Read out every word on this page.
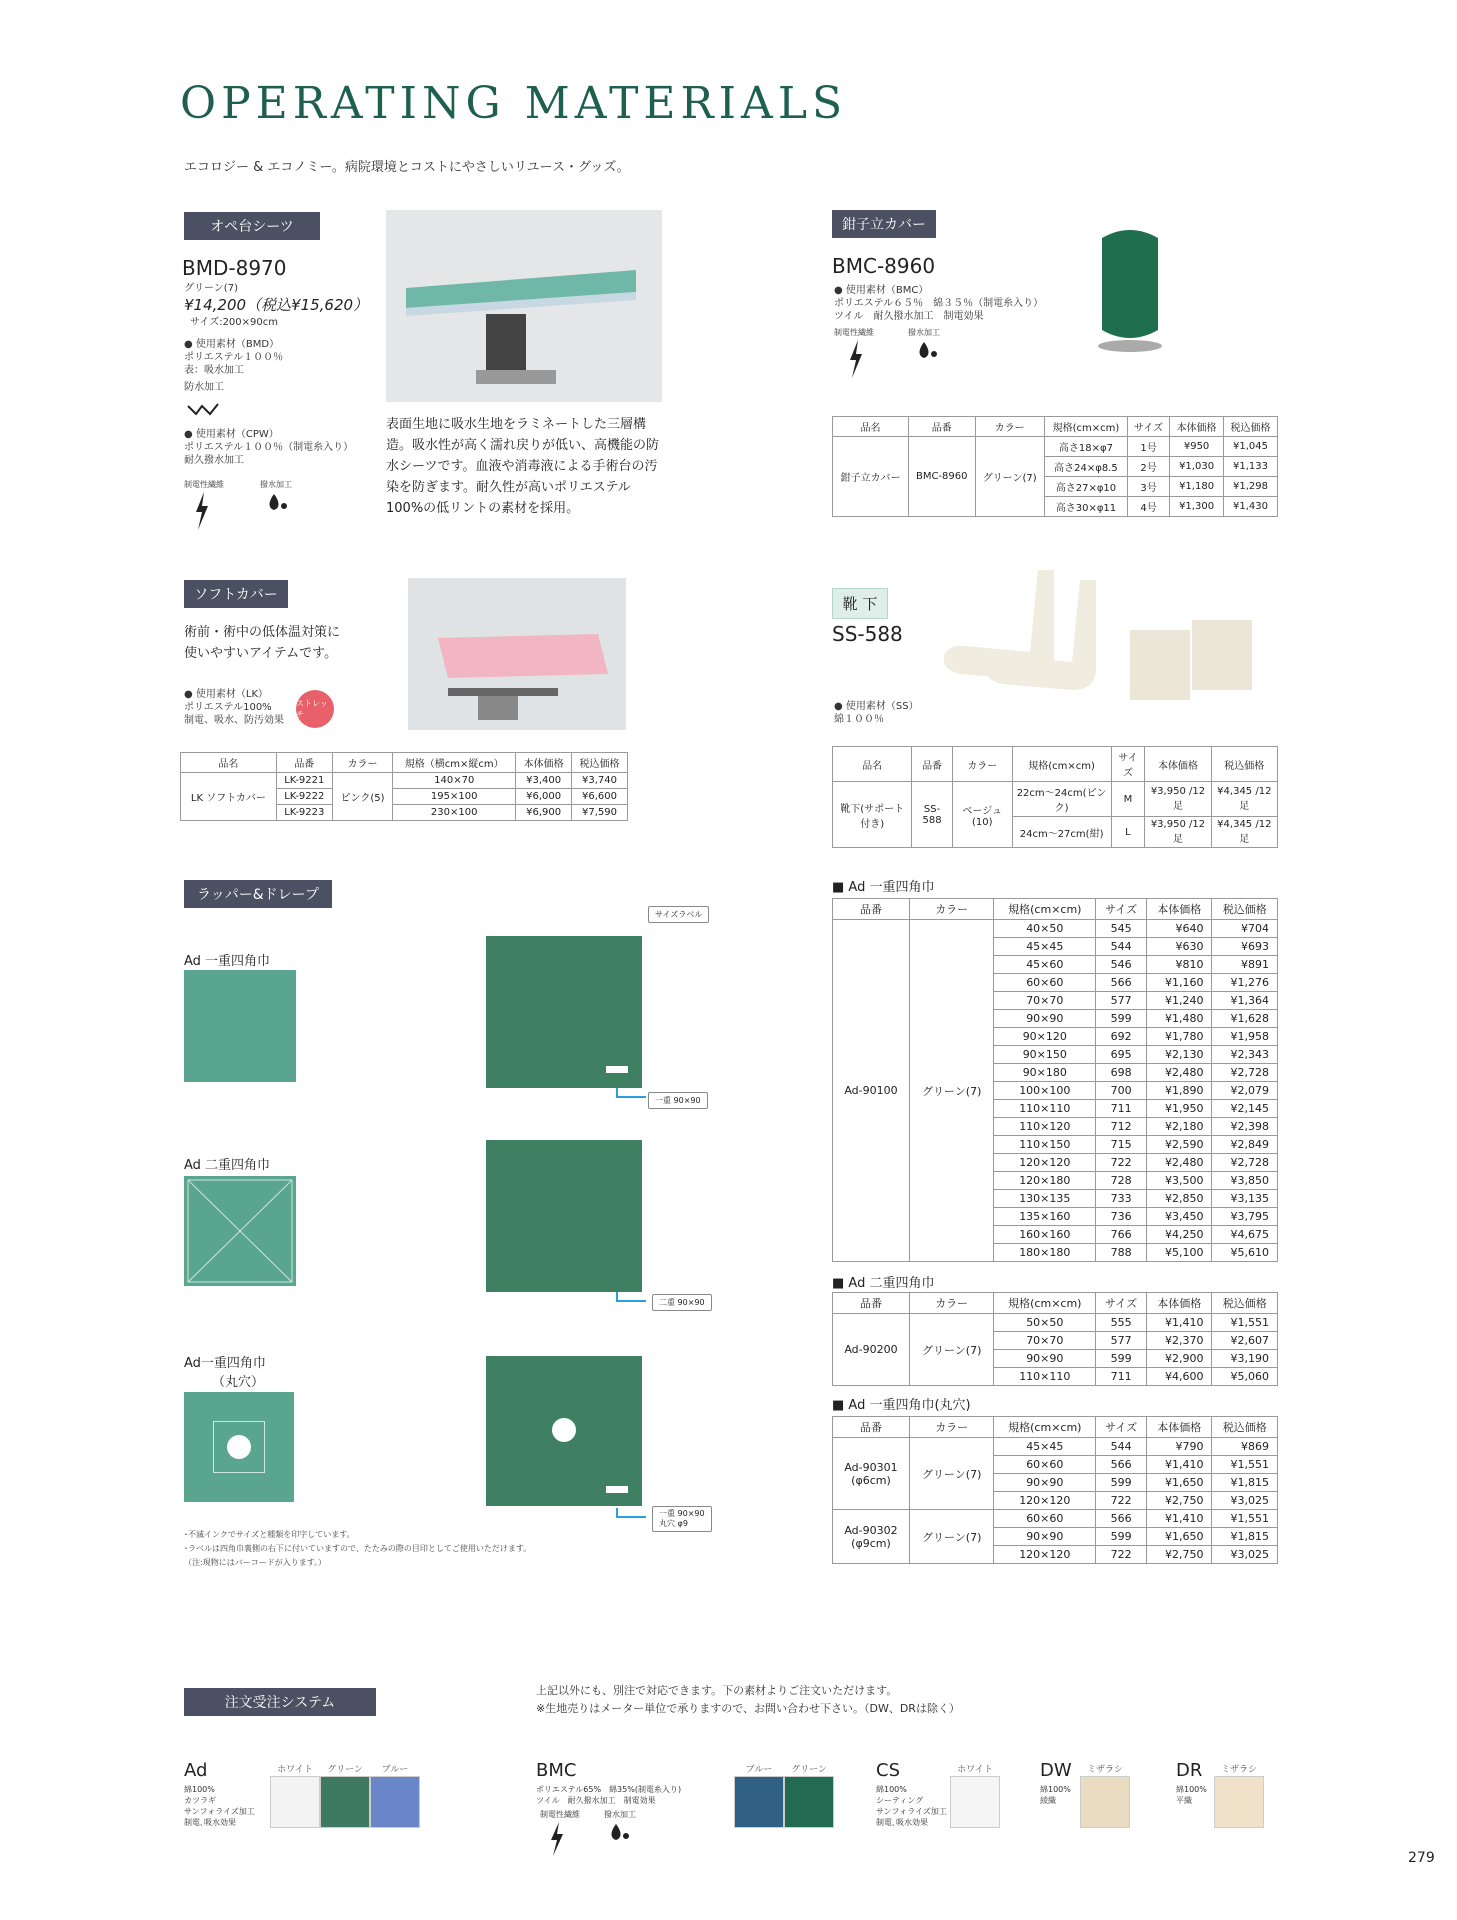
OPERATING MATERIALS
エコロジー & エコノミー。病院環境とコストにやさしいリユース・グッズ。
オペ台シーツ
BMD-8970
グリーン(7)
¥14,200（税込¥15,620）
サイズ:200×90cm
● 使用素材（BMD）
ポリエステル１００％
表：吸水加工
防水加工
● 使用素材（CPW）
ポリエステル１００％（制電糸入り）
耐久撥水加工
制電性繊維	撥水加工
表面生地に吸水生地をラミネートした三層構造。吸水性が高く濡れ戻りが低い、高機能の防水シーツです。血液や消毒液による手術台の汚染を防ぎます。耐久性が高いポリエステル100%の低リントの素材を採用。
鉗子立カバー
BMC-8960
● 使用素材（BMC）
ポリエステル６５％　綿３５％（制電糸入り）
ツイル　耐久撥水加工　制電効果
制電性繊維	撥水加工
品名	品番	カラー	規格(cm×cm)	サイズ	本体価格	税込価格
鉗子立カバー	BMC-8960	グリーン(7)	高さ18×φ7	1号	¥950	¥1,045
			高さ24×φ8.5	2号	¥1,030	¥1,133
			高さ27×φ10	3号	¥1,180	¥1,298
			高さ30×φ11	4号	¥1,300	¥1,430
ソフトカバー
術前・術中の低体温対策に
使いやすいアイテムです。
● 使用素材（LK）
ポリエステル100%
制電、吸水、防汚効果
ストレッチ
品名	品番	カラー	規格（横cm×縦cm）	本体価格	税込価格
LK ソフトカバー	LK-9221	ピンク(5)	140×70	¥3,400	¥3,740
	LK-9222		195×100	¥6,000	¥6,600
	LK-9223		230×100	¥6,900	¥7,590
靴 下
SS-588
● 使用素材（SS）
綿１００％
品名	品番	カラー	規格(cm×cm)	サイズ	本体価格	税込価格
靴下(サポート付き)	SS-588	ベージュ(10)	22cm〜24cm(ピンク)	M	¥3,950 /12足	¥4,345 /12足
			24cm〜27cm(紺)	L	¥3,950 /12足	¥4,345 /12足
ラッパー&ドレープ
サイズラベル
Ad 一重四角巾
一重 90×90
Ad 二重四角巾
二重 90×90
Ad一重四角巾
（丸穴）
一重 90×90
丸穴 φ9
･不滅インクでサイズと種類を印字しています。
･ラベルは四角巾裏側の右下に付いていますので、たたみの際の目印としてご使用いただけます。
（注:現物にはバーコードが入ります。）
■ Ad 一重四角巾
品番	カラー	規格(cm×cm)	サイズ	本体価格	税込価格

Ad-90100	グリーン(7)	40×50	545	¥640	¥704
		45×45	544	¥630	¥693
		45×60	546	¥810	¥891
		60×60	566	¥1,160	¥1,276
		70×70	577	¥1,240	¥1,364
		90×90	599	¥1,480	¥1,628
		90×120	692	¥1,780	¥1,958
		90×150	695	¥2,130	¥2,343
		90×180	698	¥2,480	¥2,728
		100×100	700	¥1,890	¥2,079
		110×110	711	¥1,950	¥2,145
		110×120	712	¥2,180	¥2,398
		110×150	715	¥2,590	¥2,849
		120×120	722	¥2,480	¥2,728
		120×180	728	¥3,500	¥3,850
		130×135	733	¥2,850	¥3,135
		135×160	736	¥3,450	¥3,795
		160×160	766	¥4,250	¥4,675
		180×180	788	¥5,100	¥5,610
■ Ad 二重四角巾
品番	カラー	規格(cm×cm)	サイズ	本体価格	税込価格

Ad-90200	グリーン(7)	50×50	555	¥1,410	¥1,551
		70×70	577	¥2,370	¥2,607
		90×90	599	¥2,900	¥3,190
		110×110	711	¥4,600	¥5,060
■ Ad 一重四角巾(丸穴)
品番	カラー	規格(cm×cm)	サイズ	本体価格	税込価格

Ad-90301
(φ6cm)	グリーン(7)	45×45	544	¥790	¥869
		60×60	566	¥1,410	¥1,551
		90×90	599	¥1,650	¥1,815
		120×120	722	¥2,750	¥3,025

Ad-90302
(φ9cm)	グリーン(7)	60×60	566	¥1,410	¥1,551
		90×90	599	¥1,650	¥1,815
		120×120	722	¥2,750	¥3,025
注文受注システム
上記以外にも、別注で対応できます。下の素材よりご注文いただけます。
※生地売りはメーター単位で承りますので、お問い合わせ下さい。（DW、DRは除く）
Ad
綿100%
カツラギ
サンフォライズ加工
制電､吸水効果
ホワイト	グリーン	ブルー	BMC
ポリエステル65%　綿35%(制電糸入り)
ツイル　耐久撥水加工　制電効果
制電性繊維	撥水加工
ブルー	グリーン	CS
綿100%
シーティング
サンフォライズ加工
制電､吸水効果
ホワイト	DW
綿100%
綾織
ミザラシ	DR
綿100%
平織
ミザラシ
279
